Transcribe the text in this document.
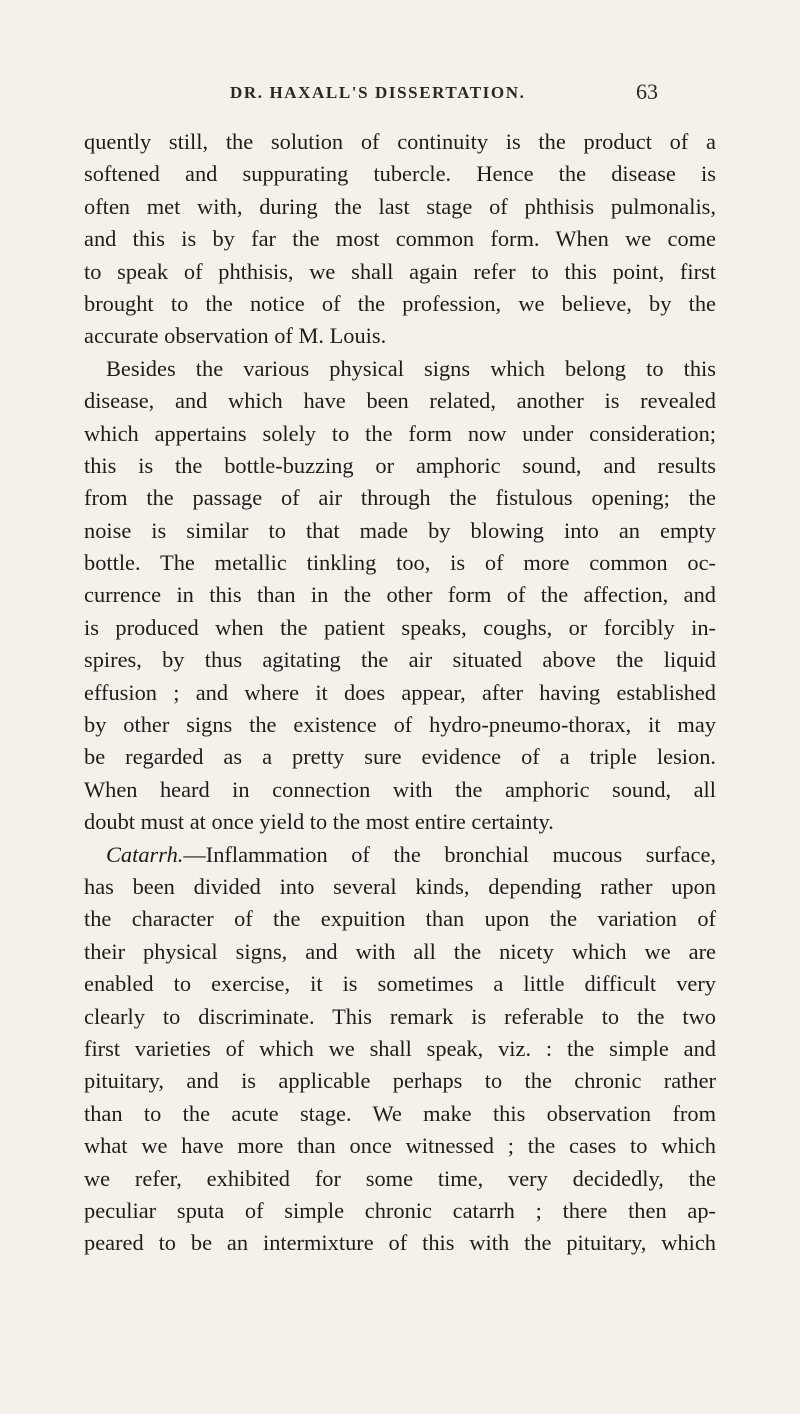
DR. HAXALL'S DISSERTATION.	63
quently still, the solution of continuity is the product of a
softened and suppurating tubercle. Hence the disease is
often met with, during the last stage of phthisis pulmonalis,
and this is by far the most common form. When we come
to speak of phthisis, we shall again refer to this point, first
brought to the notice of the profession, we believe, by the
accurate observation of M. Louis.
Besides the various physical signs which belong to this
disease, and which have been related, another is revealed
which appertains solely to the form now under consideration;
this is the bottle-buzzing or amphoric sound, and results
from the passage of air through the fistulous opening; the
noise is similar to that made by blowing into an empty
bottle. The metallic tinkling too, is of more common oc-
currence in this than in the other form of the affection, and
is produced when the patient speaks, coughs, or forcibly in-
spires, by thus agitating the air situated above the liquid
effusion ; and where it does appear, after having established
by other signs the existence of hydro-pneumo-thorax, it may
be regarded as a pretty sure evidence of a triple lesion.
When heard in connection with the amphoric sound, all
doubt must at once yield to the most entire certainty.
Catarrh.—Inflammation of the bronchial mucous surface,
has been divided into several kinds, depending rather upon
the character of the expuition than upon the variation of
their physical signs, and with all the nicety which we are
enabled to exercise, it is sometimes a little difficult very
clearly to discriminate. This remark is referable to the two
first varieties of which we shall speak, viz. : the simple and
pituitary, and is applicable perhaps to the chronic rather
than to the acute stage. We make this observation from
what we have more than once witnessed ; the cases to which
we refer, exhibited for some time, very decidedly, the
peculiar sputa of simple chronic catarrh ; there then ap-
peared to be an intermixture of this with the pituitary, which
